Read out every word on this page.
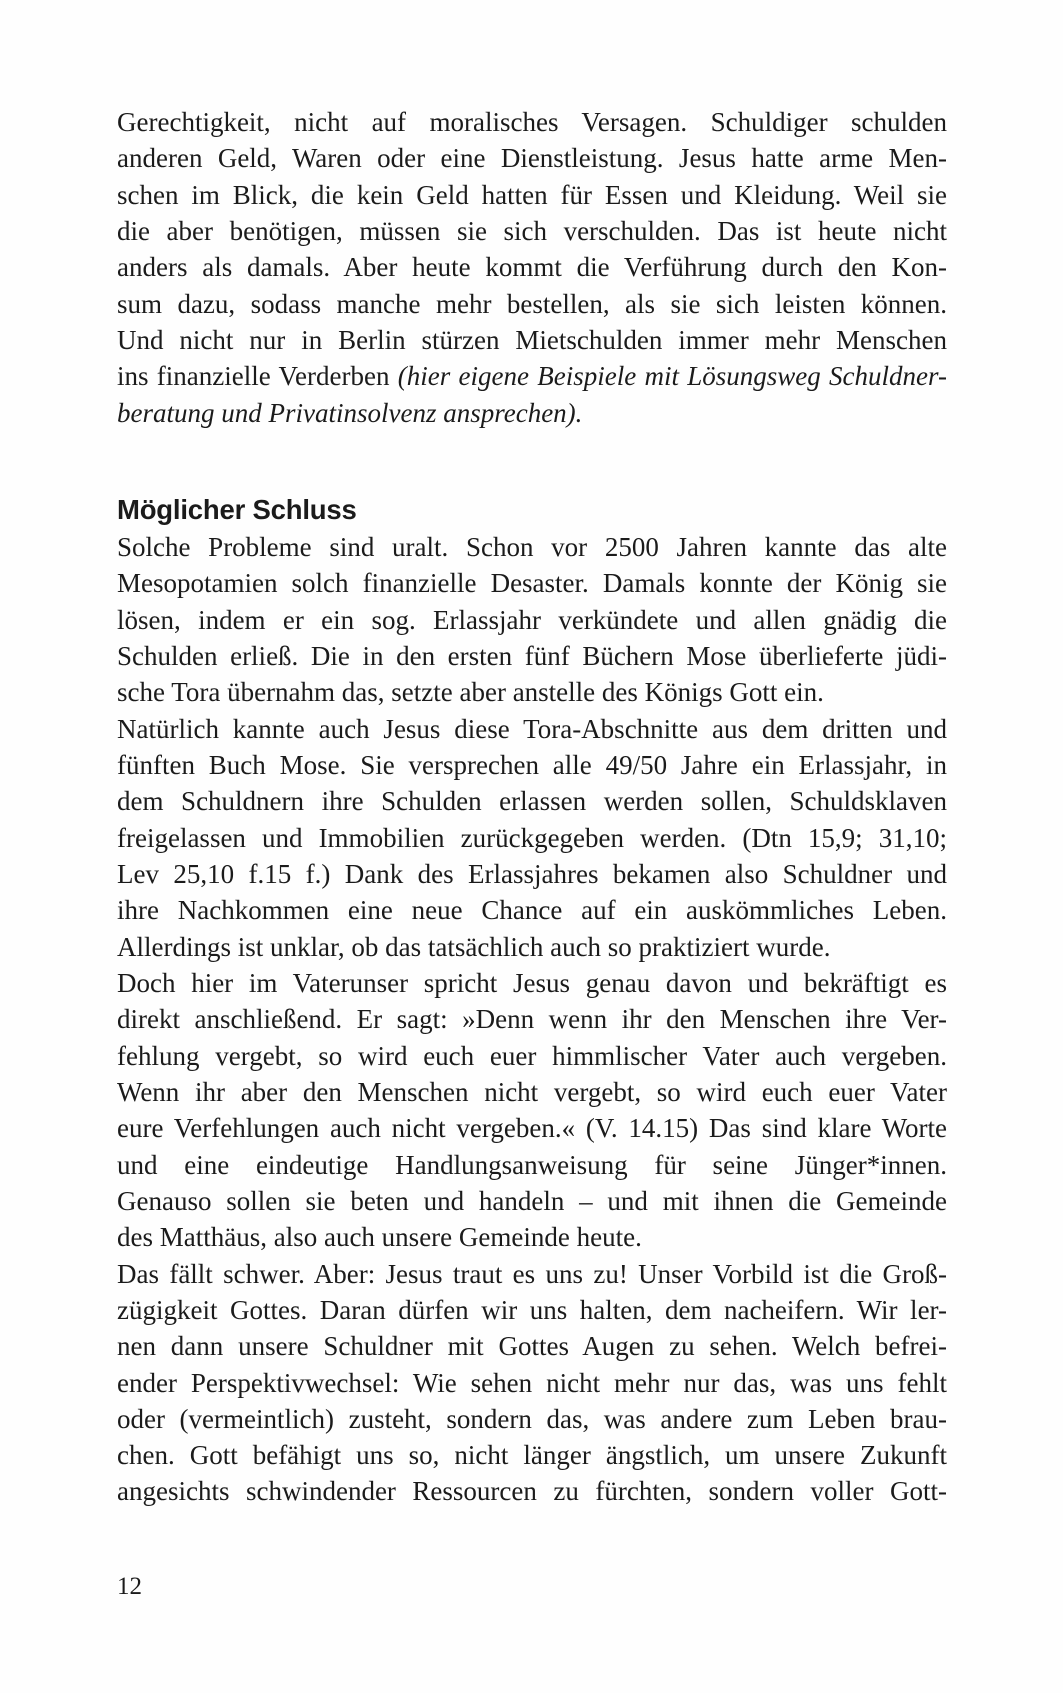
Gerechtigkeit, nicht auf moralisches Versagen. Schuldiger schulden
anderen Geld, Waren oder eine Dienstleistung. Jesus hatte arme Men-
schen im Blick, die kein Geld hatten für Essen und Kleidung. Weil sie
die aber benötigen, müssen sie sich verschulden. Das ist heute nicht
anders als damals. Aber heute kommt die Verführung durch den Kon-
sum dazu, sodass manche mehr bestellen, als sie sich leisten können.
Und nicht nur in Berlin stürzen Mietschulden immer mehr Menschen
ins finanzielle Verderben (hier eigene Beispiele mit Lösungsweg Schuldner-
beratung und Privatinsolvenz ansprechen).
Möglicher Schluss
Solche Probleme sind uralt. Schon vor 2500 Jahren kannte das alte
Mesopotamien solch finanzielle Desaster. Damals konnte der König sie
lösen, indem er ein sog. Erlassjahr verkündete und allen gnädig die
Schulden erließ. Die in den ersten fünf Büchern Mose überlieferte jüdi-
sche Tora übernahm das, setzte aber anstelle des Königs Gott ein.
Natürlich kannte auch Jesus diese Tora-Abschnitte aus dem dritten und
fünften Buch Mose. Sie versprechen alle 49/50 Jahre ein Erlassjahr, in
dem Schuldnern ihre Schulden erlassen werden sollen, Schuldsklaven
freigelassen und Immobilien zurückgegeben werden. (Dtn 15,9; 31,10;
Lev 25,10 f.15 f.) Dank des Erlassjahres bekamen also Schuldner und
ihre Nachkommen eine neue Chance auf ein auskömmliches Leben.
Allerdings ist unklar, ob das tatsächlich auch so praktiziert wurde.
Doch hier im Vaterunser spricht Jesus genau davon und bekräftigt es
direkt anschließend. Er sagt: »Denn wenn ihr den Menschen ihre Ver-
fehlung vergebt, so wird euch euer himmlischer Vater auch vergeben.
Wenn ihr aber den Menschen nicht vergebt, so wird euch euer Vater
eure Verfehlungen auch nicht vergeben.« (V. 14.15) Das sind klare Worte
und eine eindeutige Handlungsanweisung für seine Jünger*innen.
Genauso sollen sie beten und handeln – und mit ihnen die Gemeinde
des Matthäus, also auch unsere Gemeinde heute.
Das fällt schwer. Aber: Jesus traut es uns zu! Unser Vorbild ist die Groß-
zügigkeit Gottes. Daran dürfen wir uns halten, dem nacheifern. Wir ler-
nen dann unsere Schuldner mit Gottes Augen zu sehen. Welch befrei-
ender Perspektivwechsel: Wie sehen nicht mehr nur das, was uns fehlt
oder (vermeintlich) zusteht, sondern das, was andere zum Leben brau-
chen. Gott befähigt uns so, nicht länger ängstlich, um unsere Zukunft
angesichts schwindender Ressourcen zu fürchten, sondern voller Gott-
12
